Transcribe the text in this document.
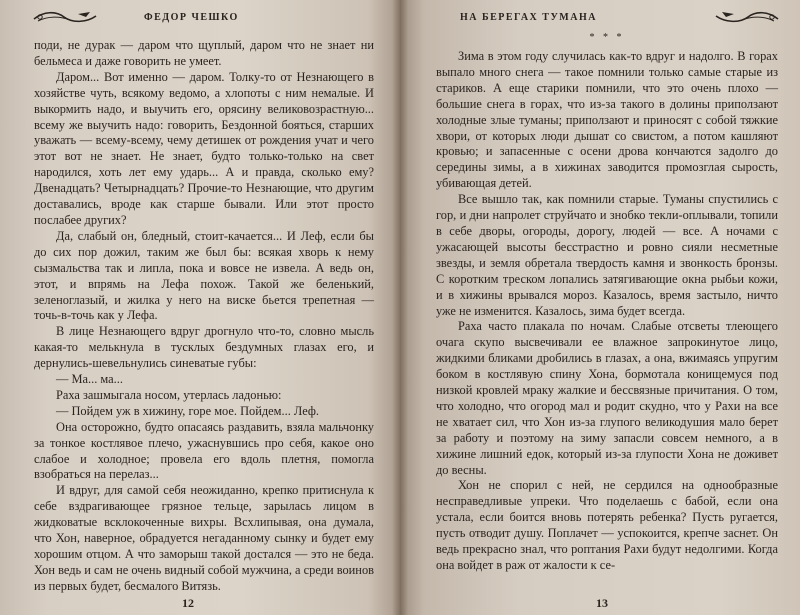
ФЕДОР ЧЕШКО

поди, не дурак — даром что щуплый, даром что не знает ни бельмеса и даже говорить не умеет.

Даром... Вот именно — даром. Толку-то от Незнающего в хозяйстве чуть, всякому ведомо, а хлопоты с ним немалые. И выкормить надо, и выучить его, орясину великовозрастную... всему же выучить надо: говорить, Бездонной бояться, старших уважать — всему-всему, чему детишек от рождения учат и чего этот вот не знает. Не знает, будто только-только на свет народился, хоть лет ему ударь... А и правда, сколько ему? Двенадцать? Четырнадцать? Прочие-то Незнающие, что другим доставались, вроде как старше бывали. Или этот просто послабее других?

Да, слабый он, бледный, стоит-качается... И Леф, если бы до сих пор дожил, таким же был бы: всякая хворь к нему сызмальства так и липла, пока и вовсе не извела. А ведь он, этот, и впрямь на Лефа похож. Такой же беленький, зеленоглазый, и жилка у него на виске бьется трепетная — точь-в-точь как у Лефа.

В лице Незнающего вдруг дрогнуло что-то, словно мысль какая-то мелькнула в тусклых бездумных глазах его, и дернулись-шевельнулись синеватые губы:

— Ма... ма...

Раха зашмыгала носом, утерлась ладонью:

— Пойдем уж в хижину, горе мое. Пойдем... Леф.

Она осторожно, будто опасаясь раздавить, взяла мальчонку за тонкое костлявое плечо, ужаснувшись про себя, какое оно слабое и холодное; провела его вдоль плетня, помогла взобраться на перелаз...

И вдруг, для самой себя неожиданно, крепко притиснула к себе вздрагивающее грязное тельце, зарылась лицом в жидковатые всклокоченные вихры. Всхлипывая, она думала, что Хон, наверное, обрадуется негаданному сынку и будет ему хорошим отцом. А что заморыш такой достался — это не беда. Хон ведь и сам не очень видный собой мужчина, а среди воинов из первых будет, бесмалого Витязь.

12
НА БЕРЕГАХ ТУМАНА
* * *

Зима в этом году случилась как-то вдруг и надолго. В горах выпало много снега — такое помнили только самые старые из стариков. А еще старики помнили, что это очень плохо — большие снега в горах, что из-за такого в долины приползают холодные злые туманы; приползают и приносят с собой тяжкие хвори, от которых люди дышат со свистом, а потом кашляют кровью; и запасенные с осени дрова кончаются задолго до середины зимы, а в хижинах заводится промозглая сырость, убивающая детей.

Все вышло так, как помнили старые. Туманы спустились с гор, и дни напролет струйчато и знобко текли-оплывали, топили в себе дворы, огороды, дорогу, людей — все. А ночами с ужасающей высоты бесстрастно и ровно сияли несметные звезды, и земля обретала твердость камня и звонкость бронзы. С коротким треском лопались затягивающие окна рыбьи кожи, и в хижины врывался мороз. Казалось, время застыло, ничто уже не изменится. Казалось, зима будет всегда.

Раха часто плакала по ночам. Слабые отсветы тлеющего очага скупо высвечивали ее влажное запрокинутое лицо, жидкими бликами дробились в глазах, а она, вжимаясь упругим боком в костлявую спину Хона, бормотала конищемуся под низкой кровлей мраку жалкие и бессвязные причитания. О том, что холодно, что огород мал и родит скудно, что у Рахи на все не хватает сил, что Хон из-за глупого великодушия мало берет за работу и поэтому на зиму запасли совсем немного, а в хижине лишний едок, который из-за глупости Хона не доживет до весны.

Хон не спорил с ней, не сердился на однообразные несправедливые упреки. Что поделаешь с бабой, если она устала, если боится вновь потерять ребенка? Пусть ругается, пусть отводит душу. Поплачет — успокоится, крепче заснет. Он ведь прекрасно знал, что роптания Рахи будут недолгими. Когда она войдет в раж от жалости к се-

13
